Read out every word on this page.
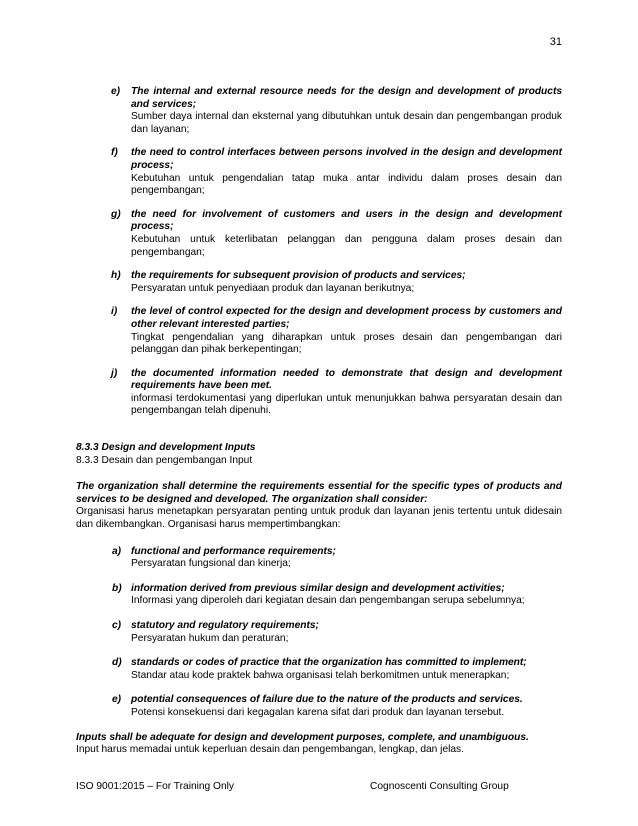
31
e) The internal and external resource needs for the design and development of products and services;
Sumber daya internal dan eksternal yang dibutuhkan untuk desain dan pengembangan produk dan layanan;
f) the need to control interfaces between persons involved in the design and development process;
Kebutuhan untuk pengendalian tatap muka antar individu dalam proses desain dan pengembangan;
g) the need for involvement of customers and users in the design and development process;
Kebutuhan untuk keterlibatan pelanggan dan pengguna dalam proses desain dan pengembangan;
h) the requirements for subsequent provision of products and services;
Persyaratan untuk penyediaan produk dan layanan berikutnya;
i) the level of control expected for the design and development process by customers and other relevant interested parties;
Tingkat pengendalian yang diharapkan untuk proses desain dan pengembangan dari pelanggan dan pihak berkepentingan;
j) the documented information needed to demonstrate that design and development requirements have been met.
informasi terdokumentasi yang diperlukan untuk menunjukkan bahwa persyaratan desain dan pengembangan telah dipenuhi.
8.3.3 Design and development Inputs
8.3.3 Desain dan pengembangan Input
The organization shall determine the requirements essential for the specific types of products and services to be designed and developed. The organization shall consider:
Organisasi harus menetapkan persyaratan penting untuk produk dan layanan jenis tertentu untuk didesain dan dikembangkan. Organisasi harus mempertimbangkan:
a) functional and performance requirements;
Persyaratan fungsional dan kinerja;
b) information derived from previous similar design and development activities;
Informasi yang diperoleh dari kegiatan desain dan pengembangan serupa sebelumnya;
c) statutory and regulatory requirements;
Persyaratan hukum dan peraturan;
d) standards or codes of practice that the organization has committed to implement;
Standar atau kode praktek bahwa organisasi telah berkomitmen untuk menerapkan;
e) potential consequences of failure due to the nature of the products and services.
Potensi konsekuensi dari kegagalan karena sifat dari produk dan layanan tersebut.
Inputs shall be adequate for design and development purposes, complete, and unambiguous.
Input harus memadai untuk keperluan desain dan pengembangan, lengkap, dan jelas.
ISO 9001:2015 – For Training Only	Cognoscenti Consulting Group
